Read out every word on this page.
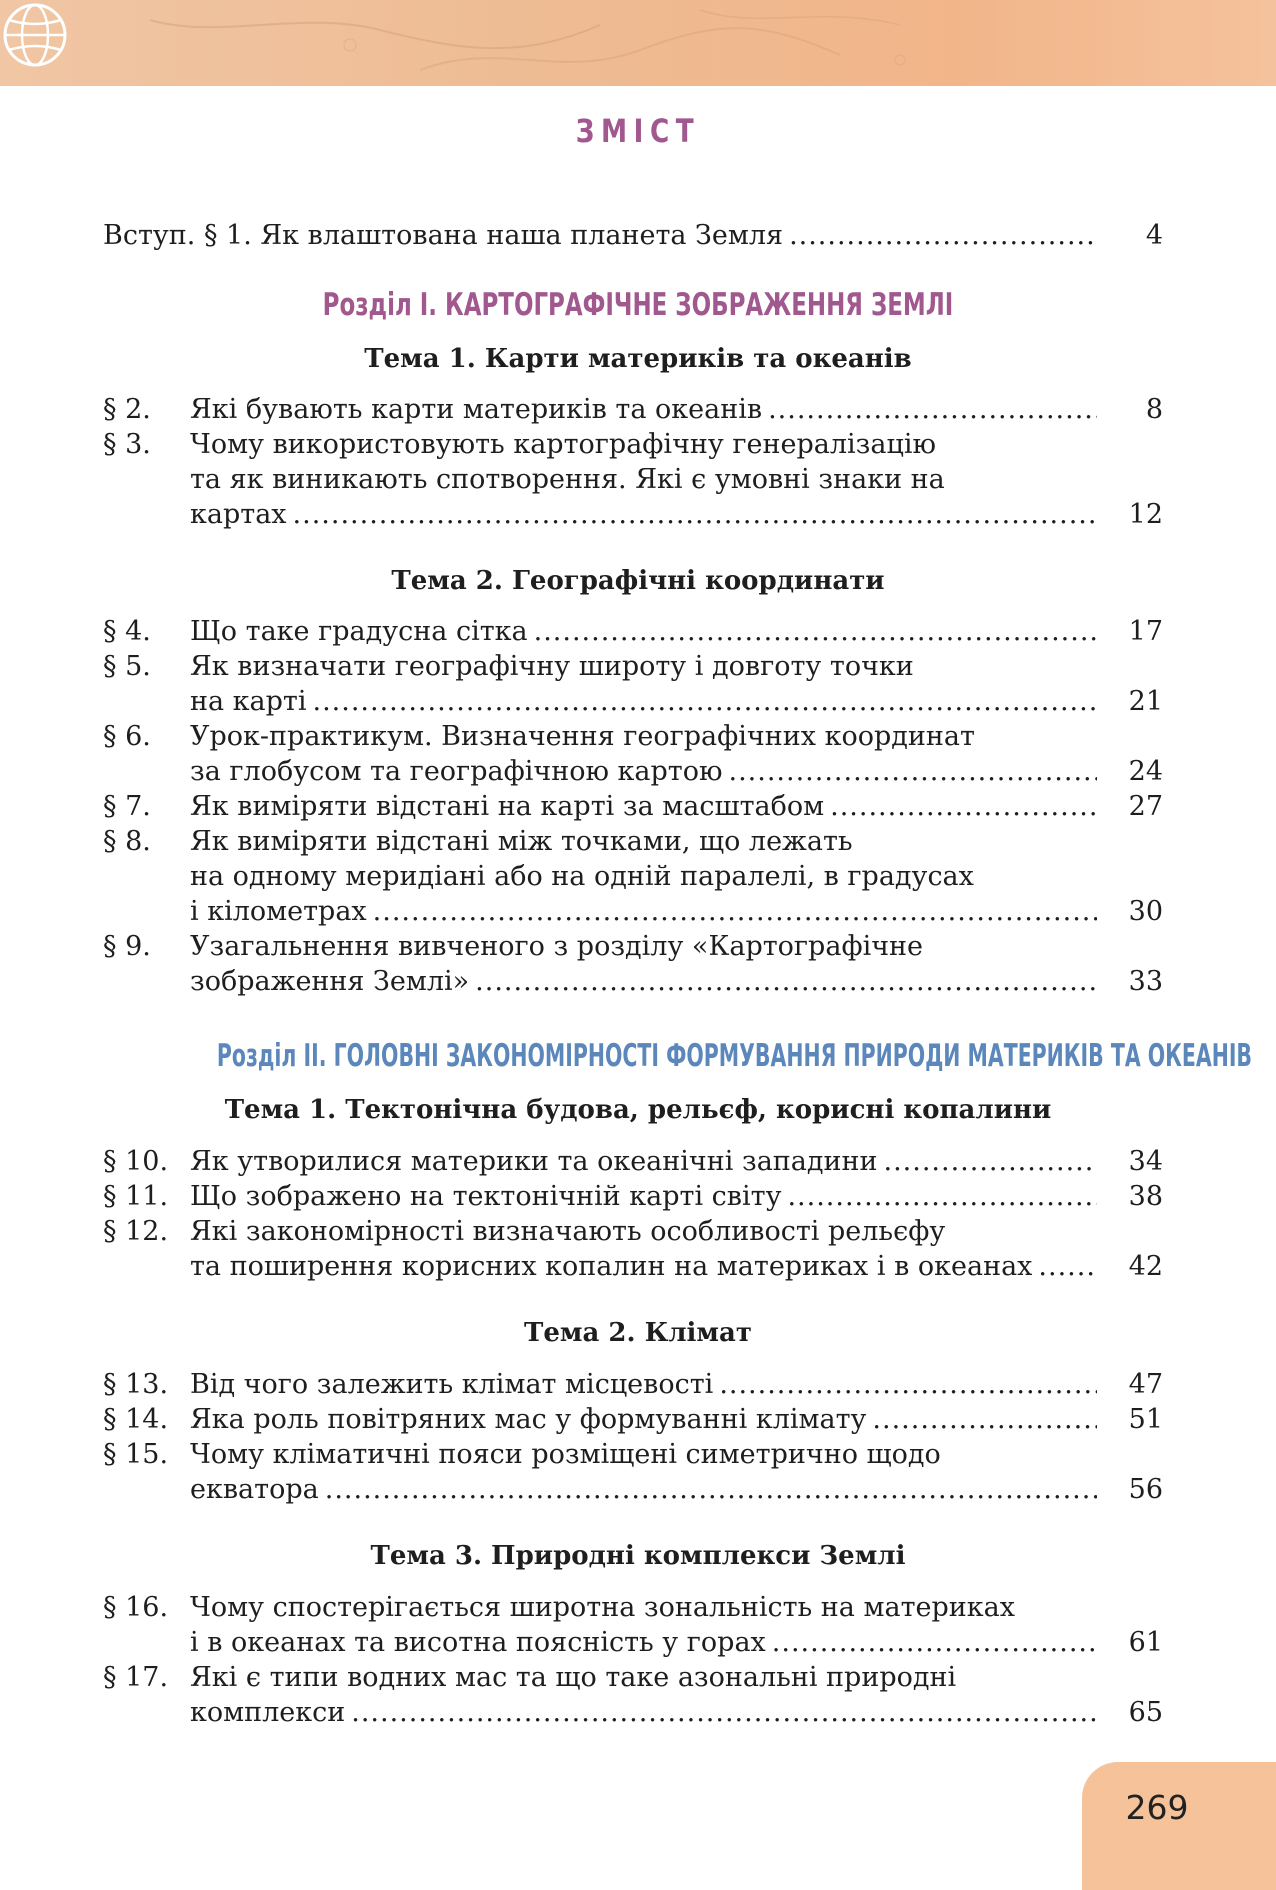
ЗМІСТ
Вступ. § 1. Як влаштована наша планета Земля .....	4
Розділ I. КАРТОГРАФІЧНЕ ЗОБРАЖЕННЯ ЗЕМЛІ
Тема 1. Карти материків та океанів
§ 2. Які бувають карти материків та океанів .....	8
§ 3. Чому використовують картографічну генералізацію
та як виникають спотворення. Які є умовні знаки на
картах .....	12
Тема 2. Географічні координати
§ 4. Що таке градусна сітка .....	17
§ 5. Як визначати географічну широту і довготу точки
на карті .....	21
§ 6. Урок-практикум. Визначення географічних координат
за глобусом та географічною картою .....	24
§ 7. Як виміряти відстані на карті за масштабом .....	27
§ 8. Як виміряти відстані між точками, що лежать
на одному меридіані або на одній паралелі, в градусах
і кілометрах .....	30
§ 9. Узагальнення вивченого з розділу «Картографічне
зображення Землі» .....	33
Розділ II. ГОЛОВНІ ЗАКОНОМІРНОСТІ ФОРМУВАННЯ ПРИРОДИ МАТЕРИКІВ ТА ОКЕАНІВ
Тема 1. Тектонічна будова, рельєф, корисні копалини
§ 10. Як утворилися материки та океанічні западини .....	34
§ 11. Що зображено на тектонічній карті світу .....	38
§ 12. Які закономірності визначають особливості рельєфу
та поширення корисних копалин на материках і в океанах .....	42
Тема 2. Клімат
§ 13. Від чого залежить клімат місцевості .....	47
§ 14. Яка роль повітряних мас у формуванні клімату .....	51
§ 15. Чому кліматичні пояси розміщені симетрично щодо
екватора .....	56
Тема 3. Природні комплекси Землі
§ 16. Чому спостерігається широтна зональність на материках
і в океанах та висотна поясність у горах .....	61
§ 17. Які є типи водних мас та що таке азональні природні
комплекси .....	65
269
